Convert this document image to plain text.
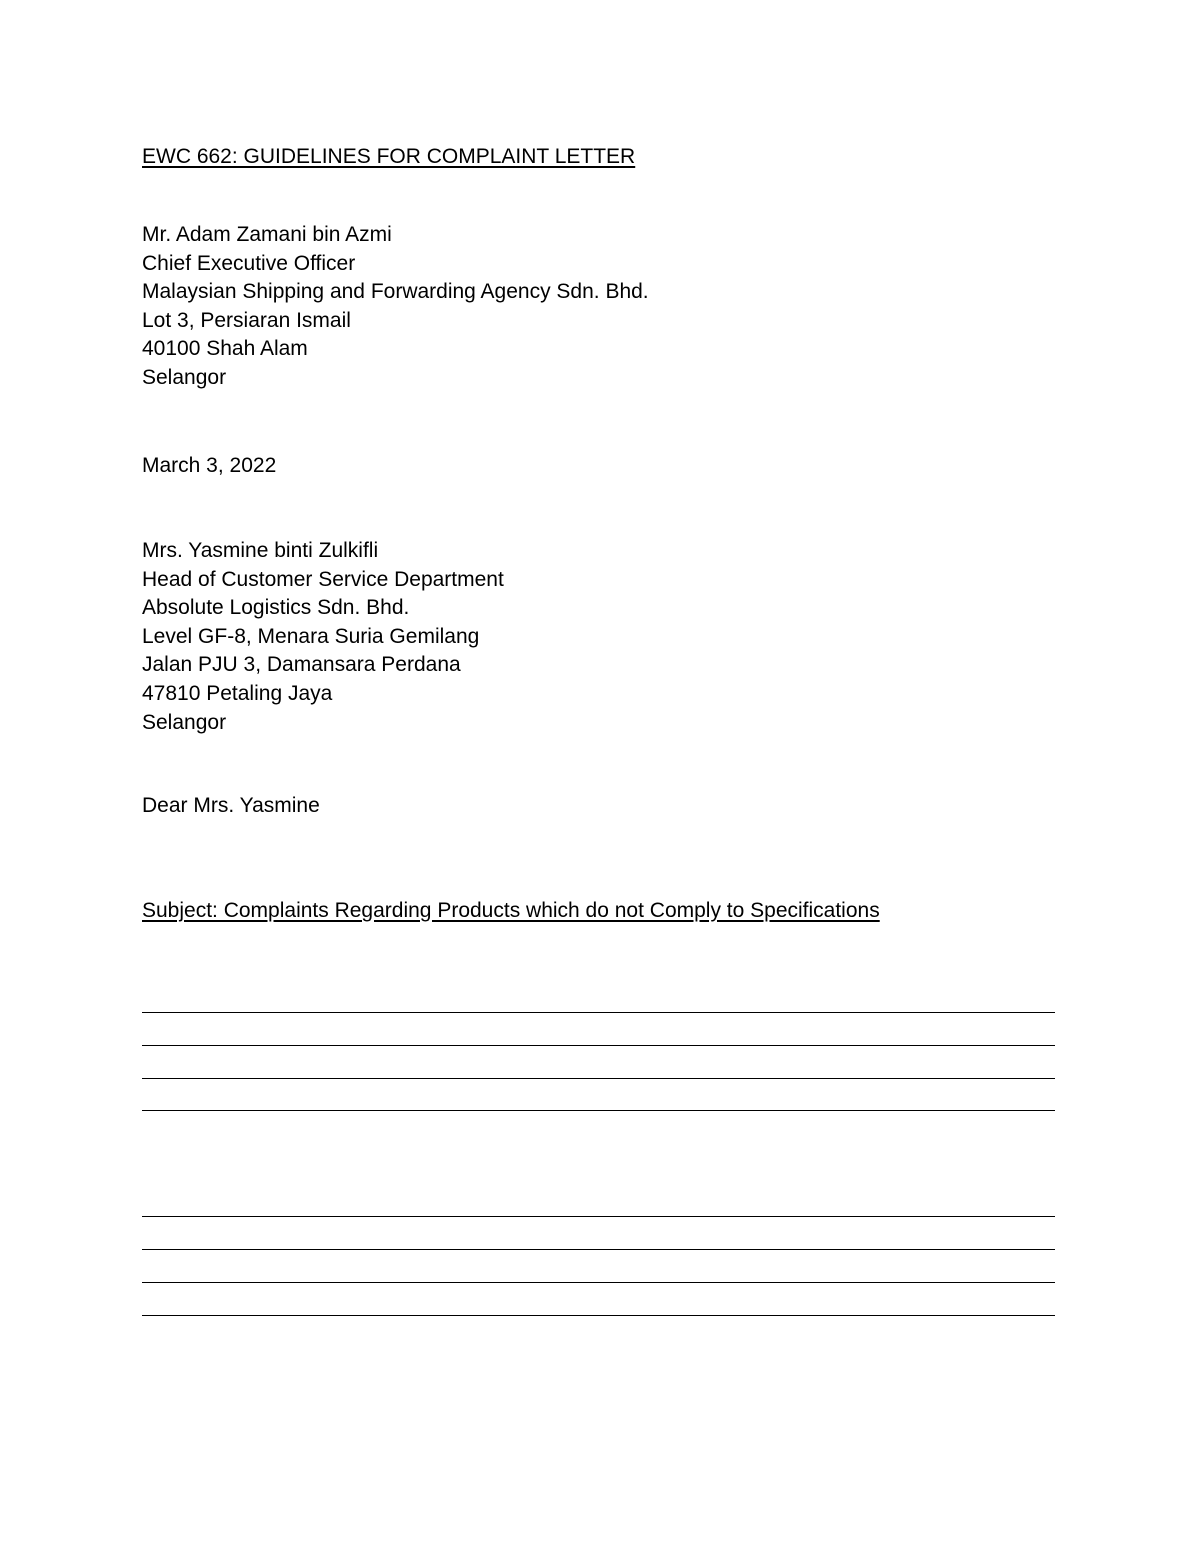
EWC 662: GUIDELINES FOR COMPLAINT LETTER
Mr. Adam Zamani bin Azmi
Chief Executive Officer
Malaysian Shipping and Forwarding Agency Sdn. Bhd.
Lot 3, Persiaran Ismail
40100 Shah Alam
Selangor
March 3, 2022
Mrs. Yasmine binti Zulkifli
Head of Customer Service Department
Absolute Logistics Sdn. Bhd.
Level GF-8, Menara Suria Gemilang
Jalan PJU 3, Damansara Perdana
47810 Petaling Jaya
Selangor
Dear Mrs. Yasmine
Subject: Complaints Regarding Products which do not Comply to Specifications
